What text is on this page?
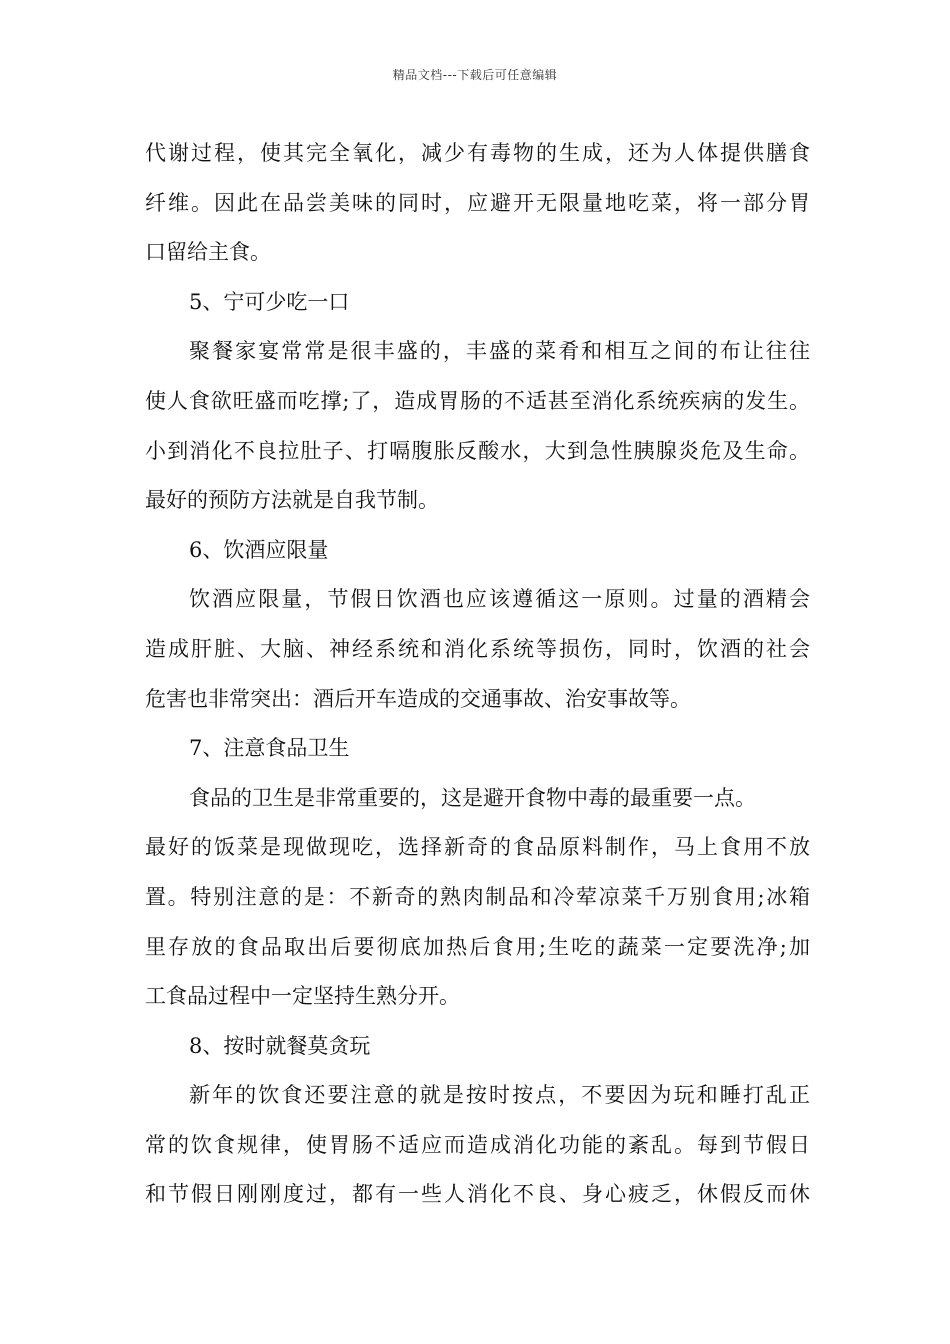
精品文档---下载后可任意编辑
代谢过程，使其完全氧化，减少有毒物的生成，还为人体提供膳食
纤维。因此在品尝美味的同时，应避开无限量地吃菜，将一部分胃
口留给主食。
5、宁可少吃一口
聚餐家宴常常是很丰盛的，丰盛的菜肴和相互之间的布让往往
使人食欲旺盛而吃撑;了，造成胃肠的不适甚至消化系统疾病的发生。
小到消化不良拉肚子、打嗝腹胀反酸水，大到急性胰腺炎危及生命。
最好的预防方法就是自我节制。
6、饮酒应限量
饮酒应限量，节假日饮酒也应该遵循这一原则。过量的酒精会
造成肝脏、大脑、神经系统和消化系统等损伤，同时，饮酒的社会
危害也非常突出：酒后开车造成的交通事故、治安事故等。
7、注意食品卫生
食品的卫生是非常重要的，这是避开食物中毒的最重要一点。
最好的饭菜是现做现吃，选择新奇的食品原料制作，马上食用不放
置。特别注意的是：不新奇的熟肉制品和冷荤凉菜千万别食用;冰箱
里存放的食品取出后要彻底加热后食用;生吃的蔬菜一定要洗净;加
工食品过程中一定坚持生熟分开。
8、按时就餐莫贪玩
新年的饮食还要注意的就是按时按点，不要因为玩和睡打乱正
常的饮食规律，使胃肠不适应而造成消化功能的紊乱。每到节假日
和节假日刚刚度过，都有一些人消化不良、身心疲乏，休假反而休
